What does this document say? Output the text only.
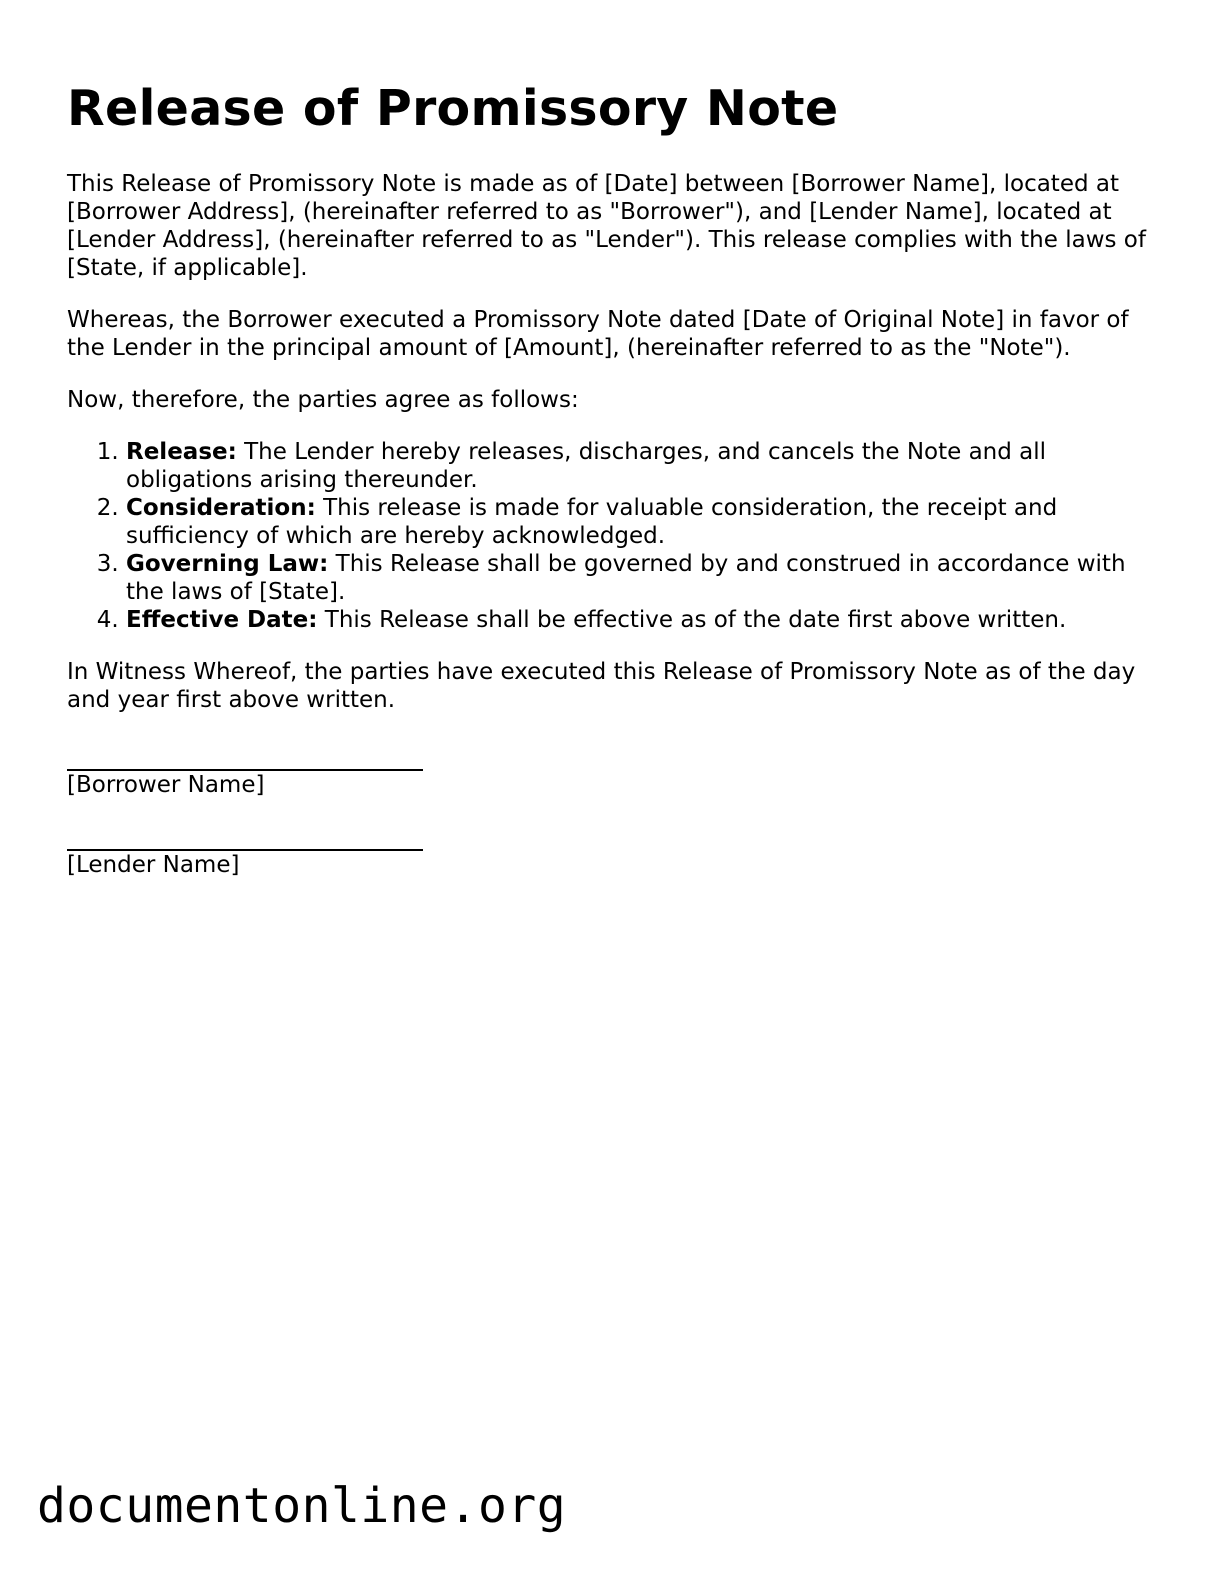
Release of Promissory Note

This Release of Promissory Note is made as of [Date] between [Borrower Name], located at [Borrower Address], (hereinafter referred to as "Borrower"), and [Lender Name], located at [Lender Address], (hereinafter referred to as "Lender"). This release complies with the laws of [State, if applicable].

Whereas, the Borrower executed a Promissory Note dated [Date of Original Note] in favor of the Lender in the principal amount of [Amount], (hereinafter referred to as the "Note").

Now, therefore, the parties agree as follows:

1. Release: The Lender hereby releases, discharges, and cancels the Note and all obligations arising thereunder.
2. Consideration: This release is made for valuable consideration, the receipt and sufficiency of which are hereby acknowledged.
3. Governing Law: This Release shall be governed by and construed in accordance with the laws of [State].
4. Effective Date: This Release shall be effective as of the date first above written.

In Witness Whereof, the parties have executed this Release of Promissory Note as of the day and year first above written.

[Borrower Name]
[Lender Name]
documentonline.org
